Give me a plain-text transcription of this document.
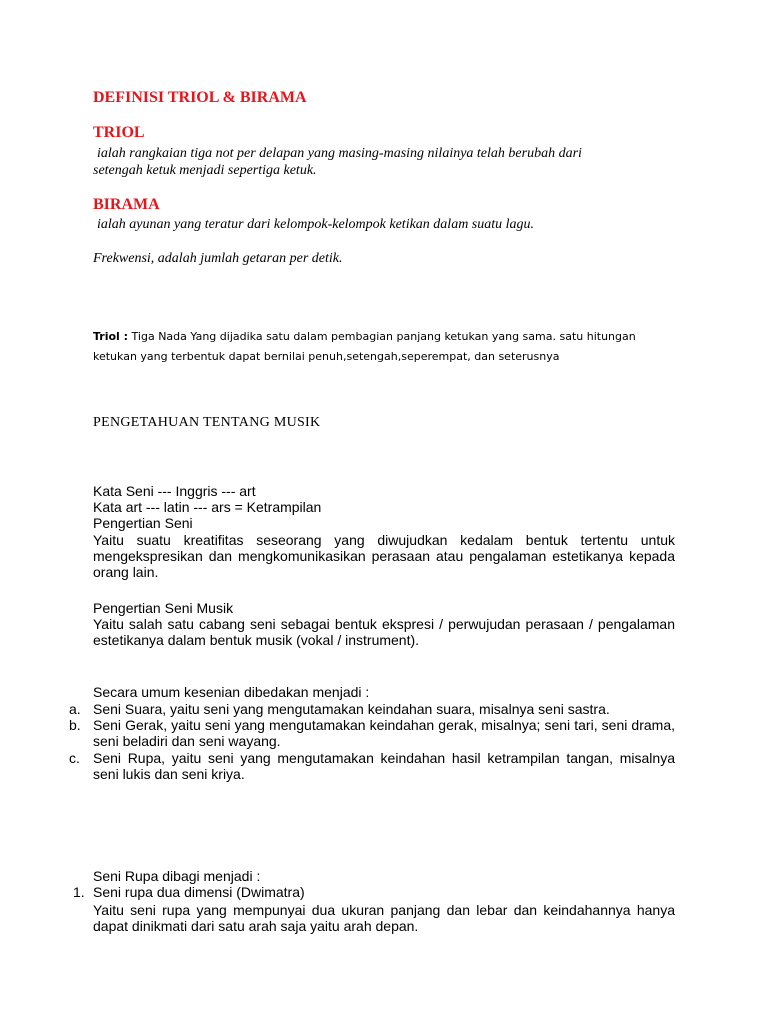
DEFINISI TRIOL & BIRAMA
TRIOL
ialah rangkaian tiga not per delapan yang masing-masing nilainya telah berubah dari
setengah ketuk menjadi sepertiga ketuk.
BIRAMA
ialah ayunan yang teratur dari kelompok-kelompok ketikan dalam suatu lagu.
Frekwensi, adalah jumlah getaran per detik.
Triol : Tiga Nada Yang dijadika satu dalam pembagian panjang ketukan yang sama. satu hitungan
ketukan yang terbentuk dapat bernilai penuh,setengah,seperempat, dan seterusnya
PENGETAHUAN TENTANG MUSIK
Kata Seni --- Inggris --- art
Kata art --- latin --- ars = Ketrampilan
Pengertian Seni
Yaitu suatu kreatifitas seseorang yang diwujudkan kedalam bentuk tertentu untuk mengekspresikan dan mengkomunikasikan perasaan atau pengalaman estetikanya kepada orang lain.
Pengertian Seni Musik
Yaitu salah satu cabang seni sebagai bentuk ekspresi / perwujudan perasaan / pengalaman estetikanya dalam bentuk musik (vokal / instrument).
Secara umum kesenian dibedakan menjadi :
a. Seni Suara, yaitu seni yang mengutamakan keindahan suara, misalnya seni sastra.
b. Seni Gerak, yaitu seni yang mengutamakan keindahan gerak, misalnya; seni tari, seni drama, seni beladiri dan seni wayang.
c. Seni Rupa, yaitu seni yang mengutamakan keindahan hasil ketrampilan tangan, misalnya seni lukis dan seni kriya.
Seni Rupa dibagi menjadi :
1. Seni rupa dua dimensi (Dwimatra)
Yaitu seni rupa yang mempunyai dua ukuran panjang dan lebar dan keindahannya hanya dapat dinikmati dari satu arah saja yaitu arah depan.
